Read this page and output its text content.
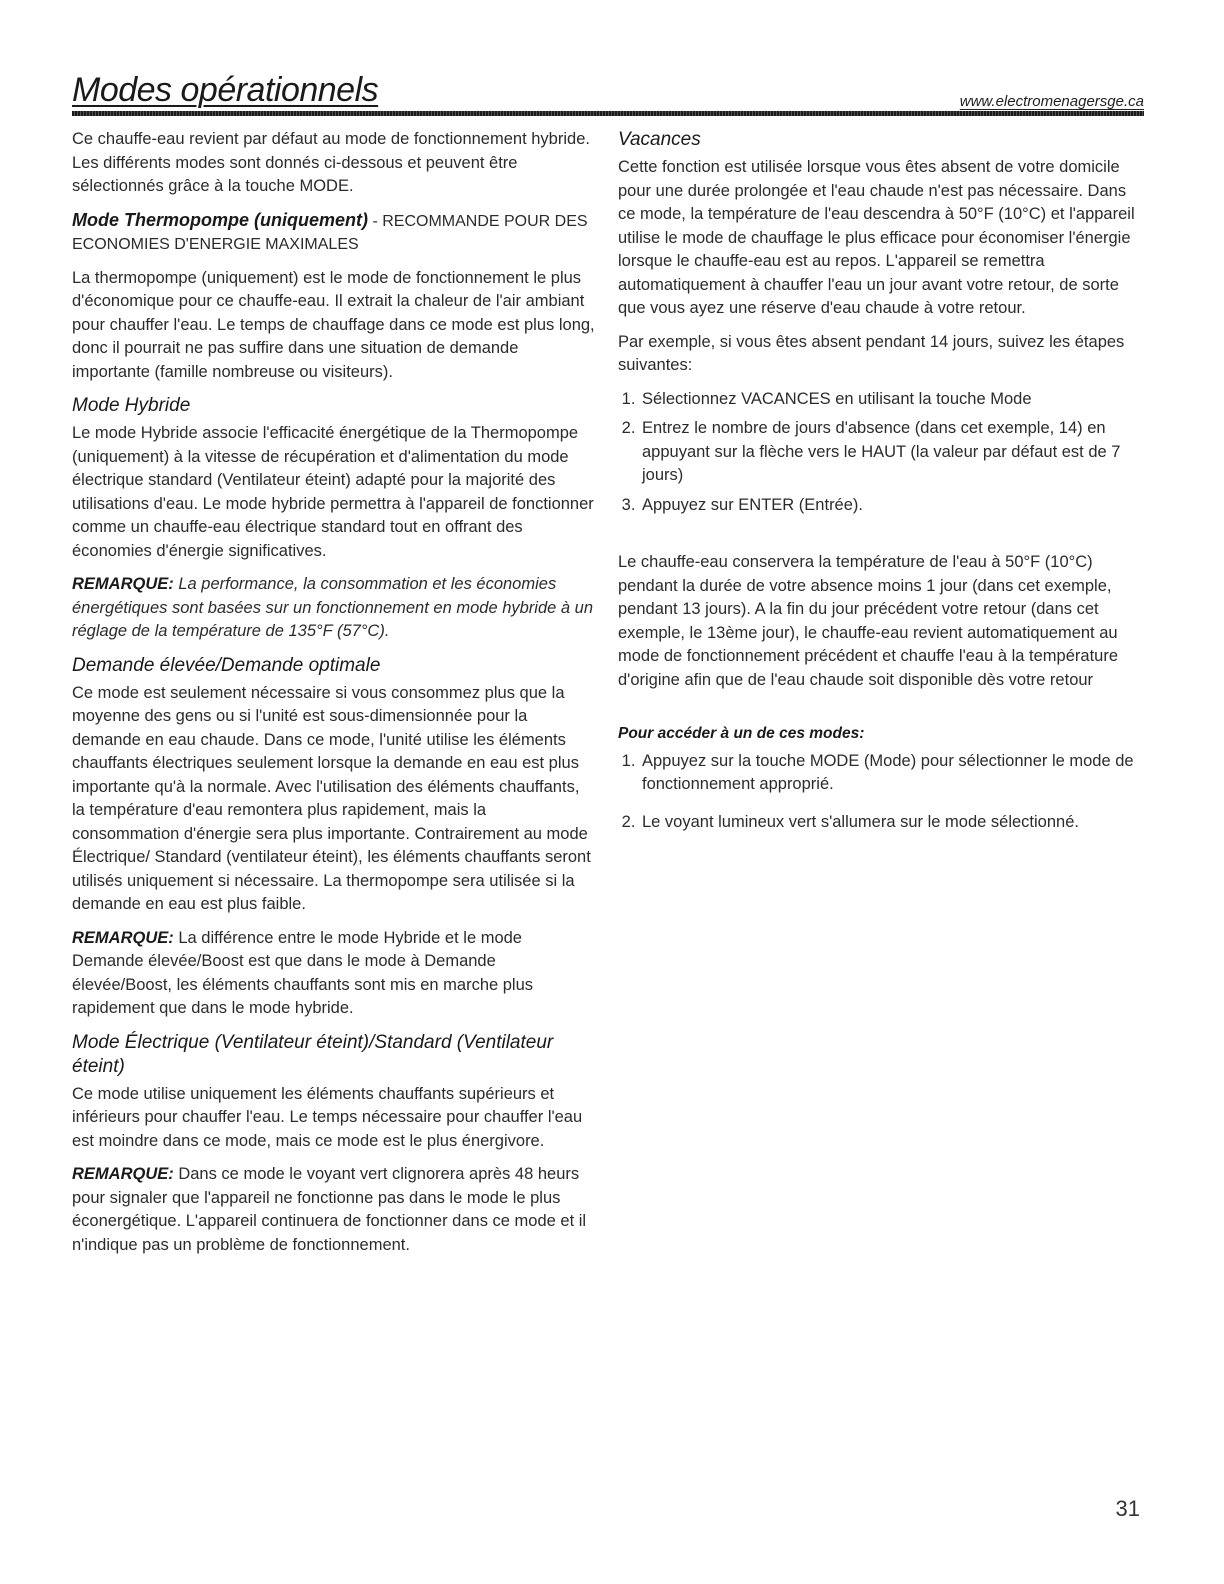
Modes opérationnels	www.electromenagersge.ca

Ce chauffe-eau revient par défaut au mode de fonctionnement hybride. Les différents modes sont donnés ci-dessous et peuvent être sélectionnés grâce à la touche MODE.

Mode Thermopompe (uniquement) - RECOMMANDE POUR DES ECONOMIES D'ENERGIE MAXIMALES

La thermopompe (uniquement) est le mode de fonctionnement le plus d'économique pour ce chauffe-eau. Il extrait la chaleur de l'air ambiant pour chauffer l'eau. Le temps de chauffage dans ce mode est plus long, donc il pourrait ne pas suffire dans une situation de demande importante (famille nombreuse ou visiteurs).

Mode Hybride

Le mode Hybride associe l'efficacité énergétique de la Thermopompe (uniquement) à la vitesse de récupération et d'alimentation du mode électrique standard (Ventilateur éteint) adapté pour la majorité des utilisations d'eau. Le mode hybride permettra à l'appareil de fonctionner comme un chauffe-eau électrique standard tout en offrant des économies d'énergie significatives.

REMARQUE: La performance, la consommation et les économies énergétiques sont basées sur un fonctionnement en mode hybride à un réglage de la température de 135°F (57°C).

Demande élevée/Demande optimale

Ce mode est seulement nécessaire si vous consommez plus que la moyenne des gens ou si l'unité est sous-dimensionnée pour la demande en eau chaude. Dans ce mode, l'unité utilise les éléments chauffants électriques seulement lorsque la demande en eau est plus importante qu'à la normale. Avec l'utilisation des éléments chauffants, la température d'eau remontera plus rapidement, mais la consommation d'énergie sera plus importante. Contrairement au mode Électrique/ Standard (ventilateur éteint), les éléments chauffants seront utilisés uniquement si nécessaire. La thermopompe sera utilisée si la demande en eau est plus faible.

REMARQUE: La différence entre le mode Hybride et le mode Demande élevée/Boost est que dans le mode à Demande élevée/Boost, les éléments chauffants sont mis en marche plus rapidement que dans le mode hybride.

Mode Électrique (Ventilateur éteint)/Standard (Ventilateur éteint)

Ce mode utilise uniquement les éléments chauffants supérieurs et inférieurs pour chauffer l'eau. Le temps nécessaire pour chauffer l'eau est moindre dans ce mode, mais ce mode est le plus énergivore.

REMARQUE: Dans ce mode le voyant vert clignorera après 48 heurs pour signaler que l'appareil ne fonctionne pas dans le mode le plus éconergétique. L'appareil continuera de fonctionner dans ce mode et il n'indique pas un problème de fonctionnement.

Vacances

Cette fonction est utilisée lorsque vous êtes absent de votre domicile pour une durée prolongée et l'eau chaude n'est pas nécessaire. Dans ce mode, la température de l'eau descendra à 50°F (10°C) et l'appareil utilise le mode de chauffage le plus efficace pour économiser l'énergie lorsque le chauffe-eau est au repos. L'appareil se remettra automatiquement à chauffer l'eau un jour avant votre retour, de sorte que vous ayez une réserve d'eau chaude à votre retour.

Par exemple, si vous êtes absent pendant 14 jours, suivez les étapes suivantes:

1. Sélectionnez VACANCES en utilisant la touche Mode
2. Entrez le nombre de jours d'absence (dans cet exemple, 14) en appuyant sur la flèche vers le HAUT (la valeur par défaut est de 7 jours)
3. Appuyez sur ENTER (Entrée).

Le chauffe-eau conservera la température de l'eau à 50°F (10°C) pendant la durée de votre absence moins 1 jour (dans cet exemple, pendant 13 jours). A la fin du jour précédent votre retour (dans cet exemple, le 13ème jour), le chauffe-eau revient automatiquement au mode de fonctionnement précédent et chauffe l'eau à la température d'origine afin que de l'eau chaude soit disponible dès votre retour

Pour accéder à un de ces modes:
1. Appuyez sur la touche MODE (Mode) pour sélectionner le mode de fonctionnement approprié.
2. Le voyant lumineux vert s'allumera sur le mode sélectionné.
31
